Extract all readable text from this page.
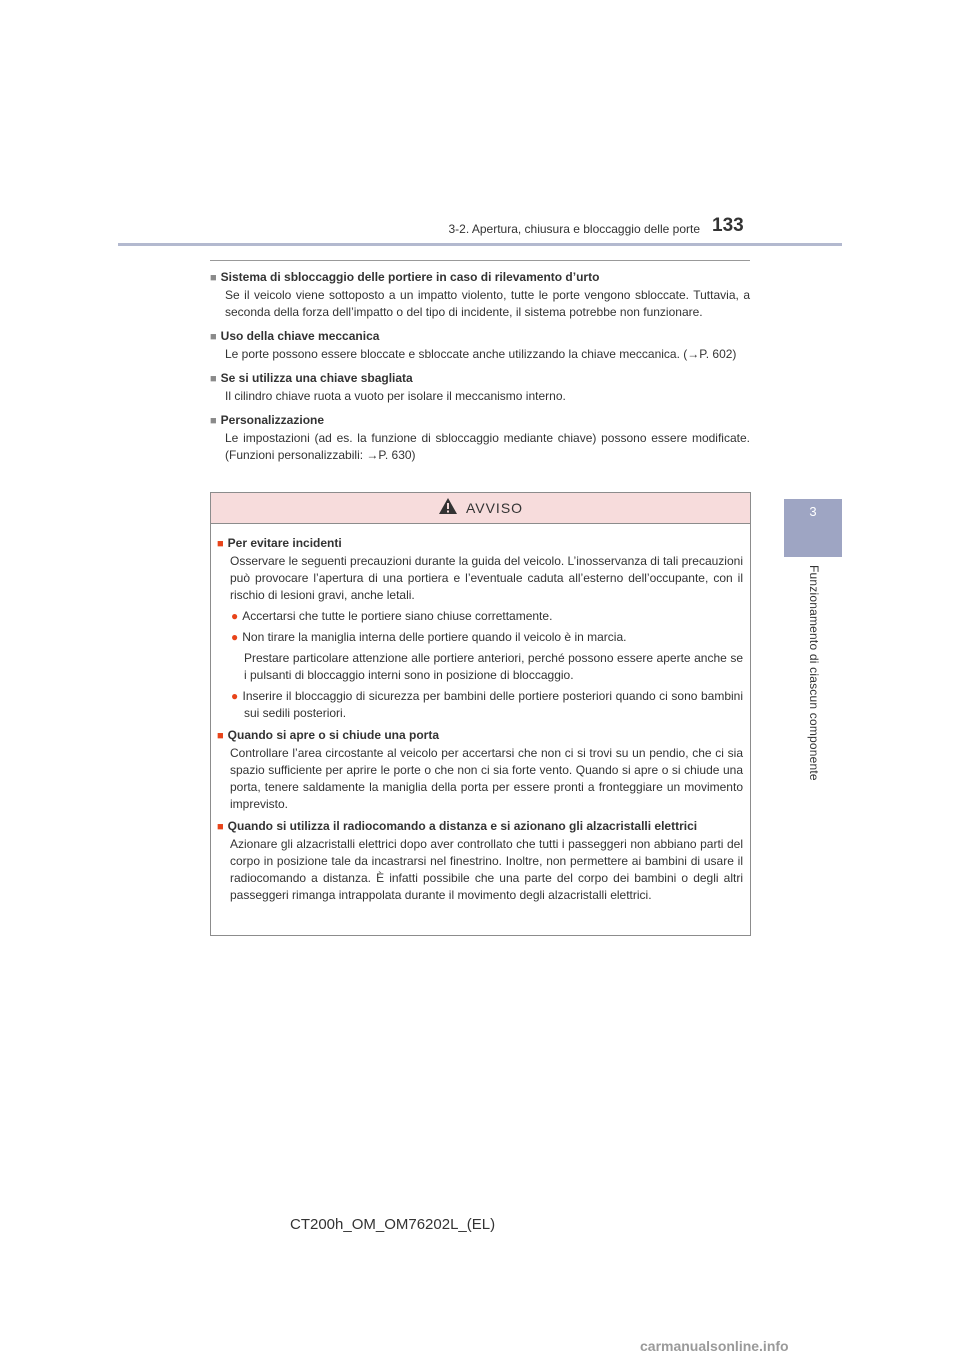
3-2. Apertura, chiusura e bloccaggio delle porte 133
3
Funzionamento di ciascun componente
■ Sistema di sbloccaggio delle portiere in caso di rilevamento d’urto
Se il veicolo viene sottoposto a un impatto violento, tutte le porte vengono sbloccate. Tuttavia, a seconda della forza dell’impatto o del tipo di incidente, il sistema potrebbe non funzionare.
■ Uso della chiave meccanica
Le porte possono essere bloccate e sbloccate anche utilizzando la chiave meccanica. (→P. 602)
■ Se si utilizza una chiave sbagliata
Il cilindro chiave ruota a vuoto per isolare il meccanismo interno.
■ Personalizzazione
Le impostazioni (ad es. la funzione di sbloccaggio mediante chiave) possono essere modificate. (Funzioni personalizzabili: →P. 630)
AVVISO
■ Per evitare incidenti
Osservare le seguenti precauzioni durante la guida del veicolo. L’inosservanza di tali precauzioni può provocare l’apertura di una portiera e l’eventuale caduta all’esterno dell’occupante, con il rischio di lesioni gravi, anche letali.
● Accertarsi che tutte le portiere siano chiuse correttamente.
● Non tirare la maniglia interna delle portiere quando il veicolo è in marcia.
Prestare particolare attenzione alle portiere anteriori, perché possono essere aperte anche se i pulsanti di bloccaggio interni sono in posizione di bloccaggio.
● Inserire il bloccaggio di sicurezza per bambini delle portiere posteriori quando ci sono bambini sui sedili posteriori.
■ Quando si apre o si chiude una porta
Controllare l’area circostante al veicolo per accertarsi che non ci si trovi su un pendio, che ci sia spazio sufficiente per aprire le porte o che non ci sia forte vento. Quando si apre o si chiude una porta, tenere saldamente la maniglia della porta per essere pronti a fronteggiare un movimento imprevisto.
■ Quando si utilizza il radiocomando a distanza e si azionano gli alzacristalli elettrici
Azionare gli alzacristalli elettrici dopo aver controllato che tutti i passeggeri non abbiano parti del corpo in posizione tale da incastrarsi nel finestrino. Inoltre, non permettere ai bambini di usare il radiocomando a distanza. È infatti possibile che una parte del corpo dei bambini o degli altri passeggeri rimanga intrappolata durante il movimento degli alzacristalli elettrici.
CT200h_OM_OM76202L_(EL)
carmanualsonline.info
